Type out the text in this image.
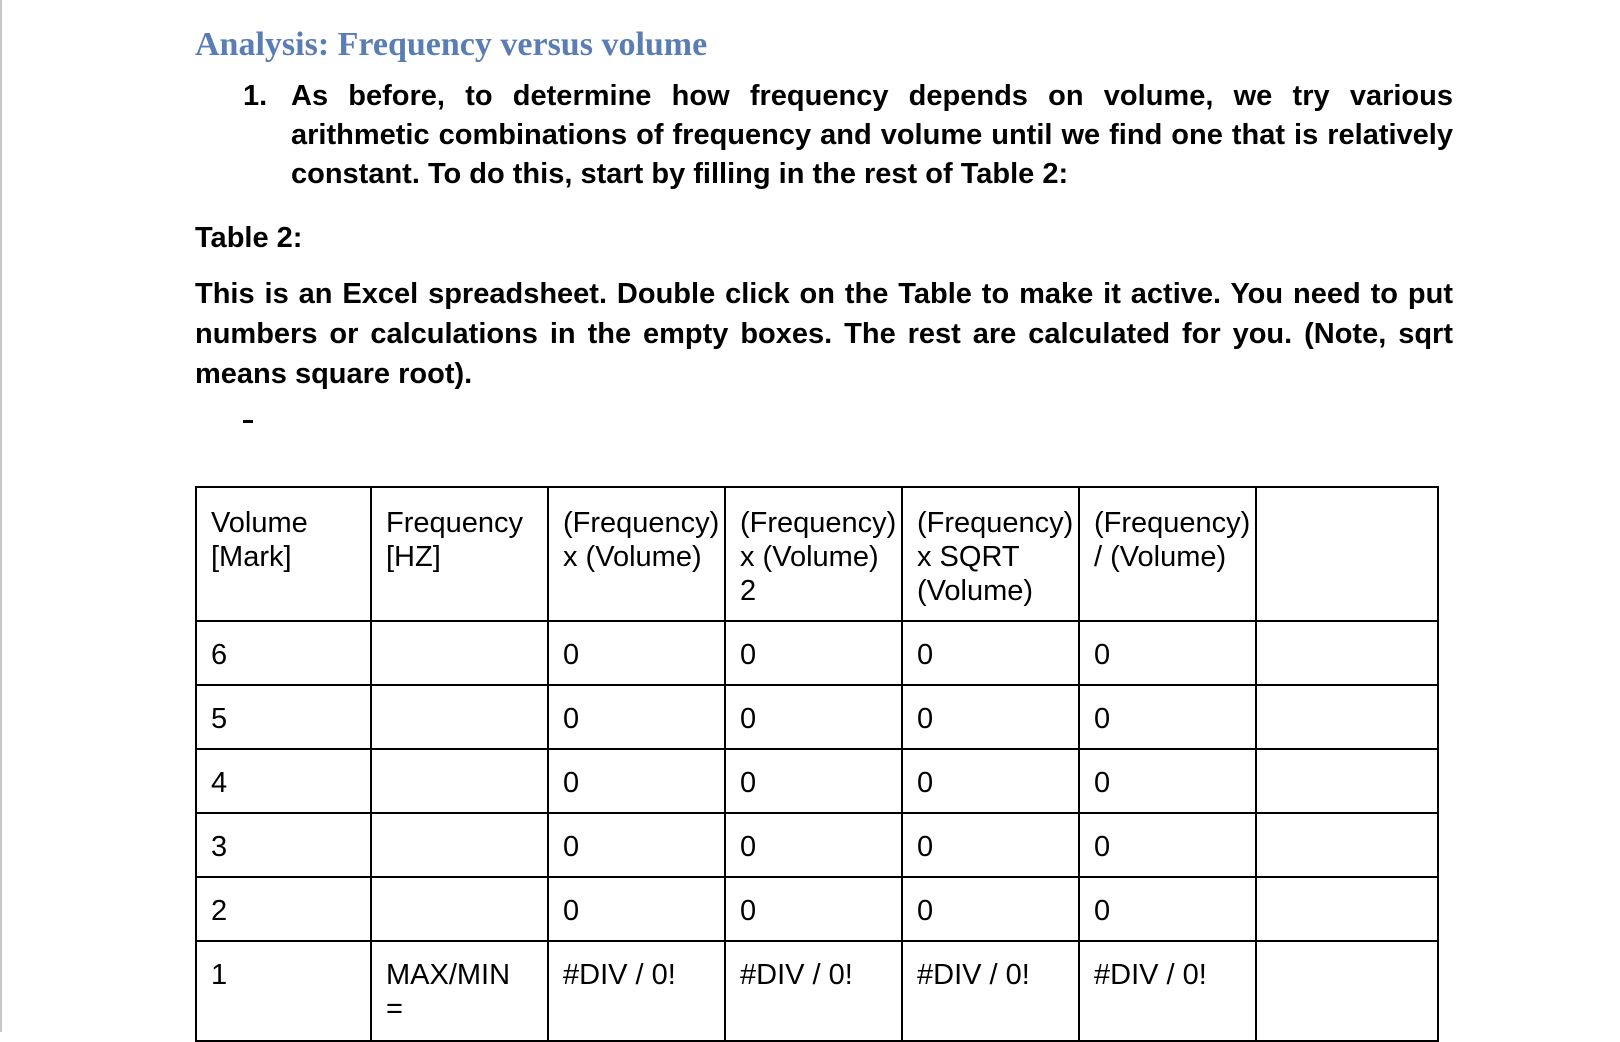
Analysis: Frequency versus volume
1. As before, to determine how frequency depends on volume, we try various arithmetic combinations of frequency and volume until we find one that is relatively constant. To do this, start by filling in the rest of Table 2:
Table 2:
This is an Excel spreadsheet. Double click on the Table to make it active. You need to put numbers or calculations in the empty boxes. The rest are calculated for you. (Note, sqrt means square root).
Volume [Mark]	Frequency [HZ]	(Frequency) x (Volume)	(Frequency) x (Volume) 2	(Frequency) x SQRT (Volume)	(Frequency) / (Volume)	
6		0	0	0	0	
5		0	0	0	0	
4		0	0	0	0	
3		0	0	0	0	
2		0	0	0	0	
1	MAX/MIN =	#DIV / 0!	#DIV / 0!	#DIV / 0!	#DIV / 0!	
